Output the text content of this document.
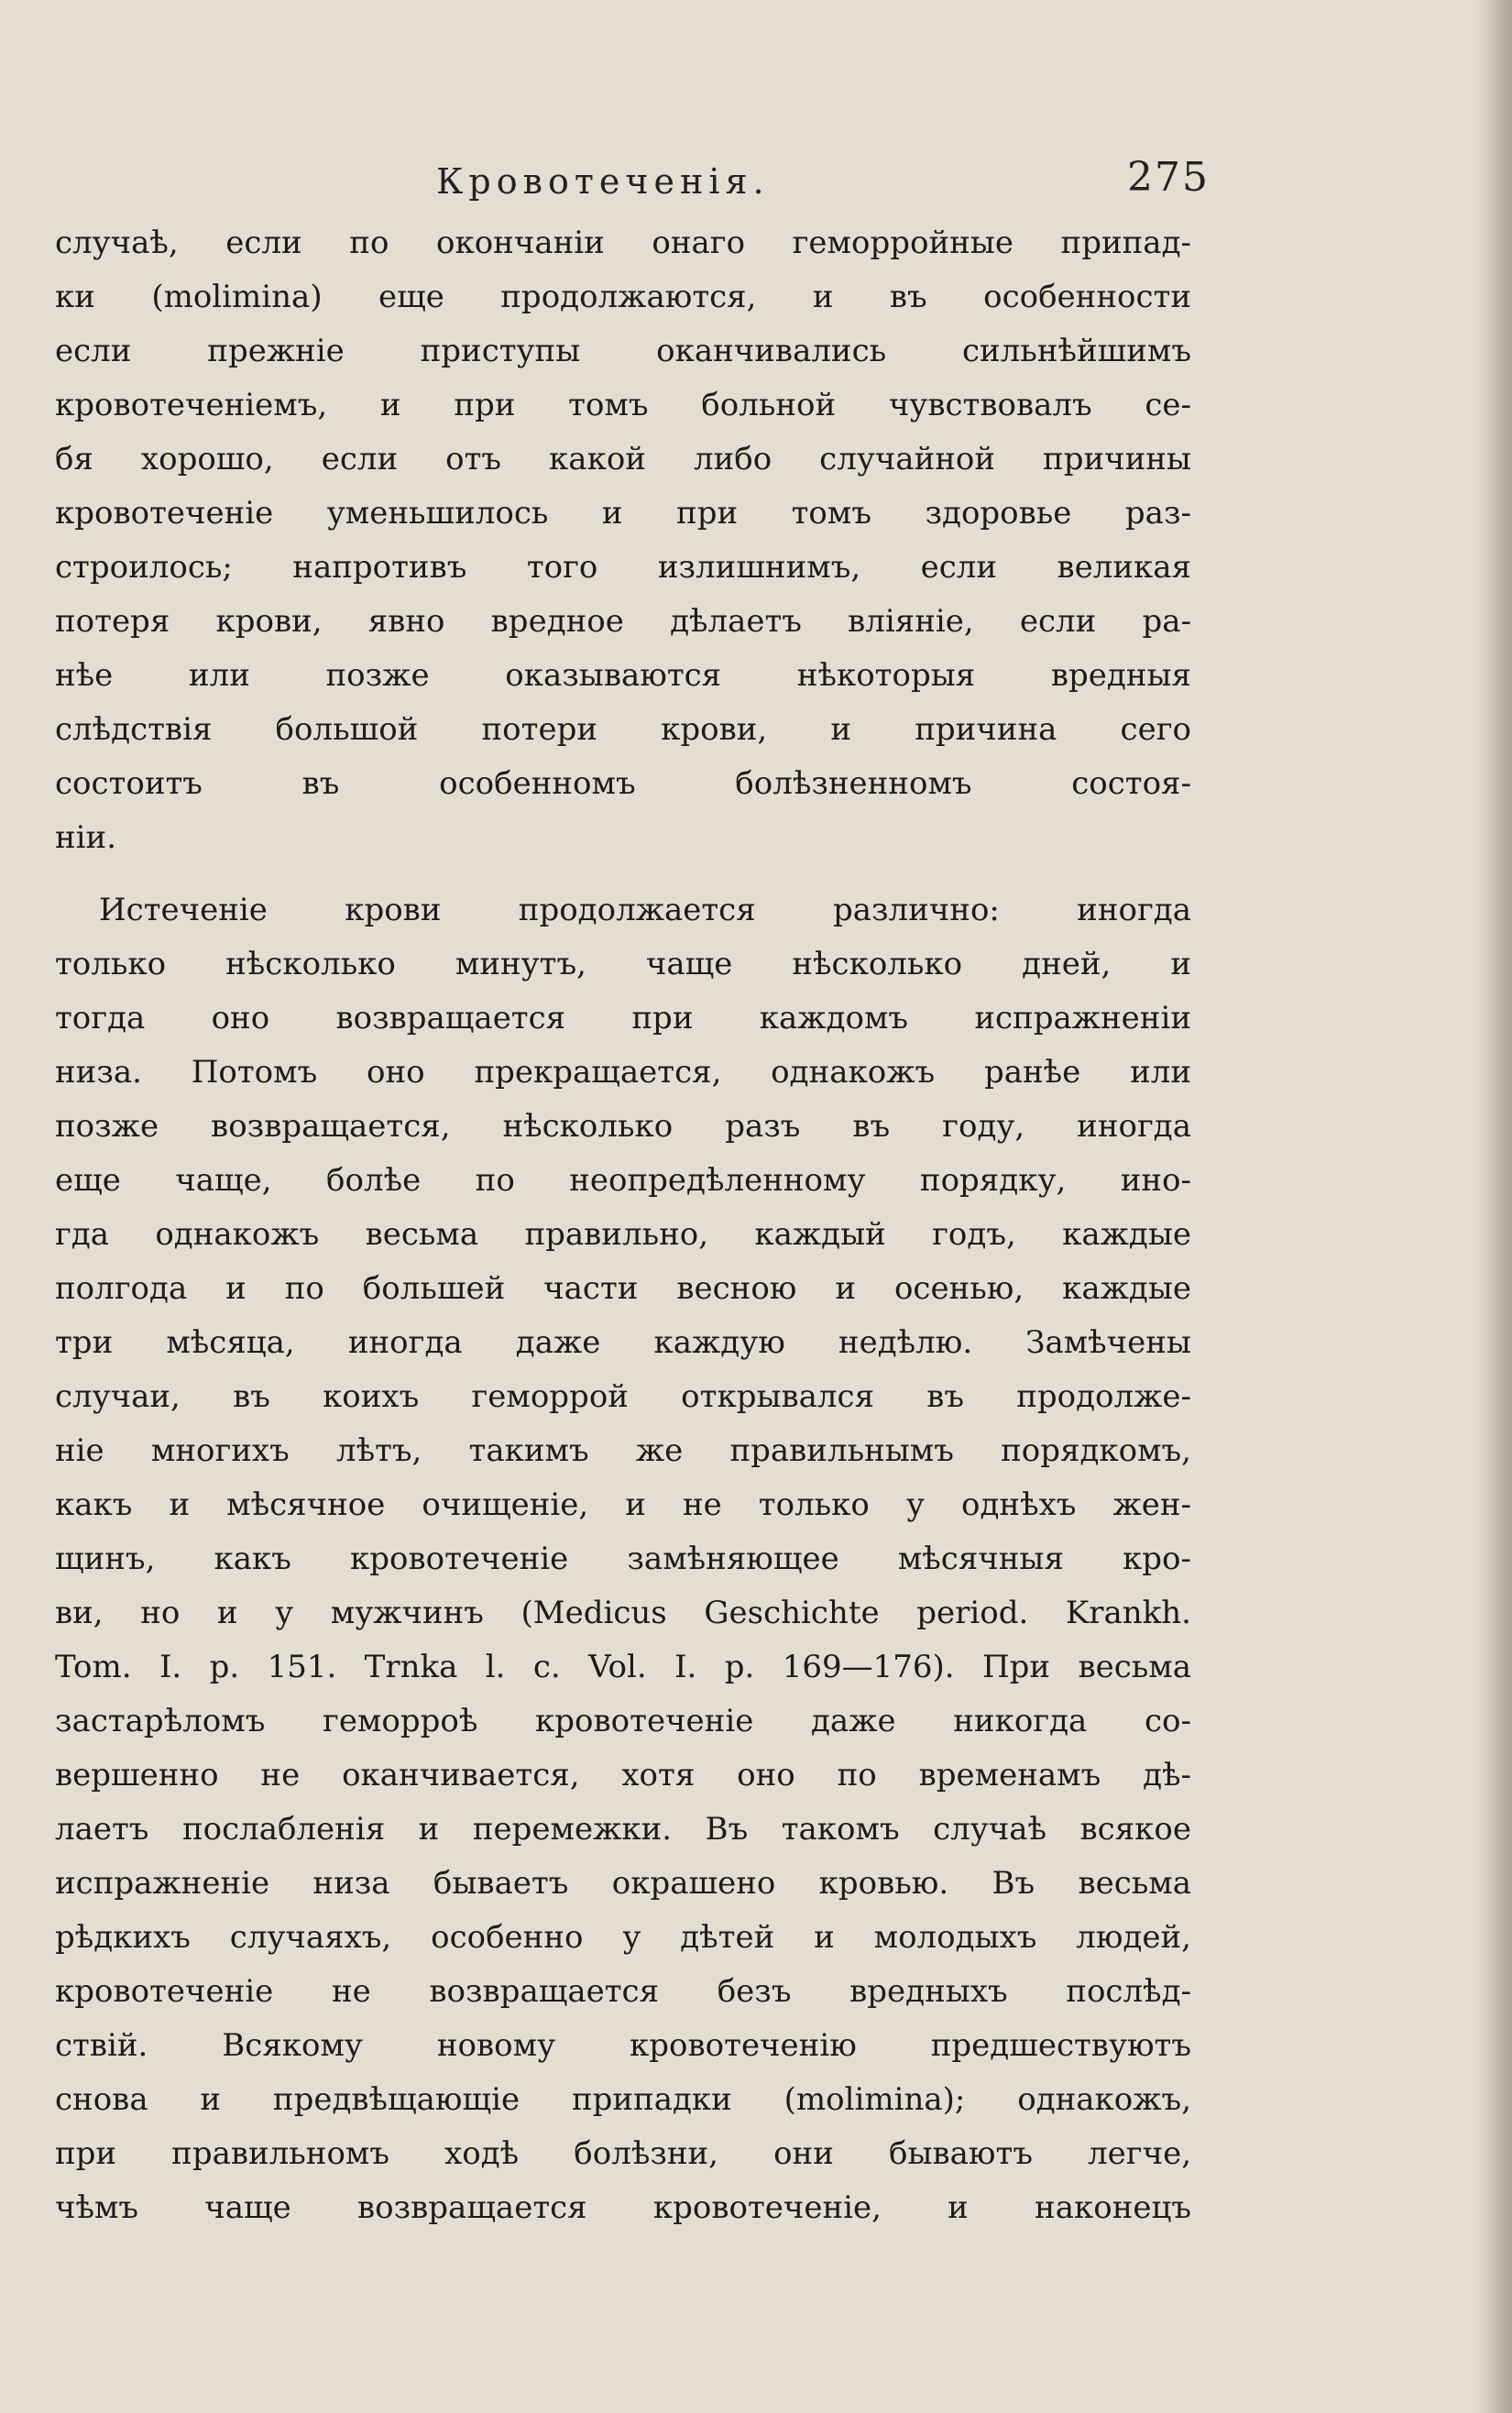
Кровотеченiя.	275
случаѣ, если по окончанiи онаго геморройные припад-
ки (molimina) еще продолжаются, и въ особенности
если прежнiе приступы оканчивались сильнѣйшимъ
кровотеченiемъ, и при томъ больной чувствовалъ се-
бя хорошо, если отъ какой либо случайной причины
кровотеченiе уменьшилось и при томъ здоровье раз-
строилось; напротивъ того излишнимъ, если великая
потеря крови, явно вредное дѣлаетъ влiянiе, если ра-
нѣе или позже оказываются нѣкоторыя вредныя
слѣдствiя большой потери крови, и причина сего
состоитъ въ особенномъ болѣзненномъ состоя-
нiи.
Истеченiе крови продолжается различно: иногда
только нѣсколько минутъ, чаще нѣсколько дней, и
тогда оно возвращается при каждомъ испражненiи
низа. Потомъ оно прекращается, однакожъ ранѣе или
позже возвращается, нѣсколько разъ въ году, иногда
еще чаще, болѣе по неопредѣленному порядку, ино-
гда однакожъ весьма правильно, каждый годъ, каждые
полгода и по большей части весною и осенью, каждые
три мѣсяца, иногда даже каждую недѣлю. Замѣчены
случаи, въ коихъ геморрой открывался въ продолже-
нiе многихъ лѣтъ, такимъ же правильнымъ порядкомъ,
какъ и мѣсячное очищенiе, и не только у однѣхъ жен-
щинъ, какъ кровотеченiе замѣняющее мѣсячныя кро-
ви, но и у мужчинъ (Medicus Geschichte period. Krankh.
Tom. I. p. 151. Trnka l. c. Vol. I. p. 169—176). При весьма
застарѣломъ геморроѣ кровотеченiе даже никогда со-
вершенно не оканчивается, хотя оно по временамъ дѣ-
лаетъ послабленiя и перемежки. Въ такомъ случаѣ всякое
испражненiе низа бываетъ окрашено кровью. Въ весьма
рѣдкихъ случаяхъ, особенно у дѣтей и молодыхъ людей,
кровотеченiе не возвращается безъ вредныхъ послѣд-
ствiй. Всякому новому кровотеченiю предшествуютъ
снова и предвѣщающiе припадки (molimina); однакожъ,
при правильномъ ходѣ болѣзни, они бываютъ легче,
чѣмъ чаще возвращается кровотеченiе, и наконецъ
